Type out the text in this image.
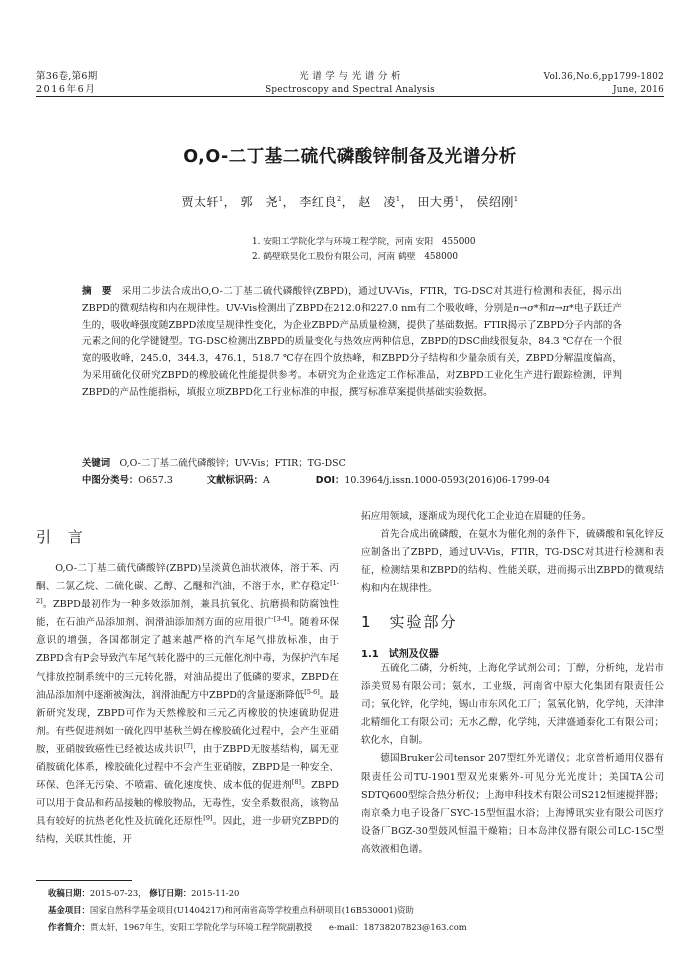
第36卷,第6期
2016年6月
光 谱 学 与 光 谱 分 析
Spectroscopy and Spectral Analysis
Vol.36,No.6,pp1799-1802
June, 2016
O,O-二丁基二硫代磷酸锌制备及光谱分析
贾太轩$^1$， 郭　尧$^1$， 李红良$^2$， 赵　凌$^1$， 田大勇$^1$， 侯绍刚$^1$
1. 安阳工学院化学与环境工程学院，河南 安阳　455000
2. 鹤壁联昊化工股份有限公司，河南 鹤壁　458000
摘　要　 采用二步法合成出O,O-二丁基二硫代磷酸锌(ZBPD)，通过UV-Vis，FTIR，TG-DSC对其进行检测和表征，揭示出ZBPD的微观结构和内在规律性。UV-Vis检测出了ZBPD在212.0和227.0 nm有二个吸收峰，分别是n→σ*和π→π*电子跃迁产生的，吸收峰强度随ZBPD浓度呈规律性变化，为企业ZBPD产品质量检测，提供了基础数据。FTIR揭示了ZBPD分子内部的各元素之间的化学键键型。TG-DSC检测出ZBPD的质量变化与热效应两种信息，ZBPD的DSC曲线很复杂，84.3 ℃存在一个很宽的吸收峰，245.0，344.3，476.1，518.7 ℃存在四个放热峰，和ZBPD分子结构和少量杂质有关，ZBPD分解温度偏高，为采用硫化仪研究ZBPD的橡胶硫化性能提供参考。本研究为企业选定工作标准品，对ZBPD工业化生产进行跟踪检测，评判ZBPD的产品性能指标，填报立项ZBPD化工行业标准的申报，撰写标准草案提供基础实验数据。
关键词　 O,O-二丁基二硫代磷酸锌；UV-Vis；FTIR；TG-DSC
中图分类号：O657.3	文献标识码：A	DOI：10.3964/j.issn.1000-0593(2016)06-1799-04
引 言

O,O-二丁基二硫代磷酸锌(ZBPD)呈淡黄色油状液体，溶于苯、丙酮、二氯乙烷、二硫化碳、乙醇、乙醚和汽油，不溶于水，贮存稳定[1-2]。ZBPD最初作为一种多效添加剂，兼具抗氧化、抗磨损和防腐蚀性能，在石油产品添加剂、润滑油添加剂方面的应用很广[3-4]。随着环保意识的增强，各国都制定了越来越严格的汽车尾气排放标准，由于ZBPD含有P会导致汽车尾气转化器中的三元催化剂中毒，为保护汽车尾气排放控制系统中的三元转化器，对油品提出了低磷的要求，ZBPD在油品添加剂中逐渐被淘汰，润滑油配方中ZBPD的含量逐渐降低[5-6]。最新研究发现，ZBPD可作为天然橡胶和三元乙丙橡胶的快速硫助促进剂。有些促进剂如一硫化四甲基秋兰姆在橡胶硫化过程中，会产生亚硝胺，亚硝胺致癌性已经被达成共识[7]，由于ZBPD无胺基结构，属无亚硝胺硫化体系，橡胶硫化过程中不会产生亚硝胺，ZBPD是一种安全、环保、色泽无污染、不喷霜、硫化速度快、成本低的促进剂[8]。ZBPD可以用于食品和药品接触的橡胶物品，无毒性，安全系数很高，该物品具有较好的抗热老化性及抗硫化还原性[9]。因此，进一步研究ZBPD的结构，关联其性能，开

拓应用领域，逐渐成为现代化工企业迫在眉睫的任务。

首先合成出硫磷酸，在氨水为催化剂的条件下，硫磷酸和氧化锌反应制备出了ZBPD，通过UV-Vis，FTIR，TG-DSC对其进行检测和表征，检测结果和ZBPD的结构、性能关联，进而揭示出ZBPD的微观结构和内在规律性。

1　实验部分
1.1　试剂及仪器

五硫化二磷，分析纯，上海化学试剂公司；丁醇，分析纯，龙岩市添美贸易有限公司；氨水，工业级，河南省中原大化集团有限责任公司；氧化锌，化学纯，锡山市东风化工厂；氢氧化钠，化学纯，天津津北精细化工有限公司；无水乙醇，化学纯，天津盛通泰化工有限公司；软化水，自制。

德国Bruker公司tensor 207型红外光谱仪；北京普析通用仪器有限责任公司TU-1901型双光束紫外-可见分光光度计；美国TA公司SDTQ600型综合热分析仪；上海申科技术有限公司S212恒速搅拌器；南京桑力电子设备厂SYC-15型恒温水浴；上海博讯实业有限公司医疗设备厂BGZ-30型鼓风恒温干燥箱；日本岛津仪器有限公司LC-15C型高效液相色谱。

收稿日期：2015-07-23， 修订日期：2015-11-20
基金项目：国家自然科学基金项目(U1404217)和河南省高等学校重点科研项目(16B530001)资助
作者简介：贾太轩，1967年生，安阳工学院化学与环境工程学院副教授　　e-mail：18738207823@163.com
